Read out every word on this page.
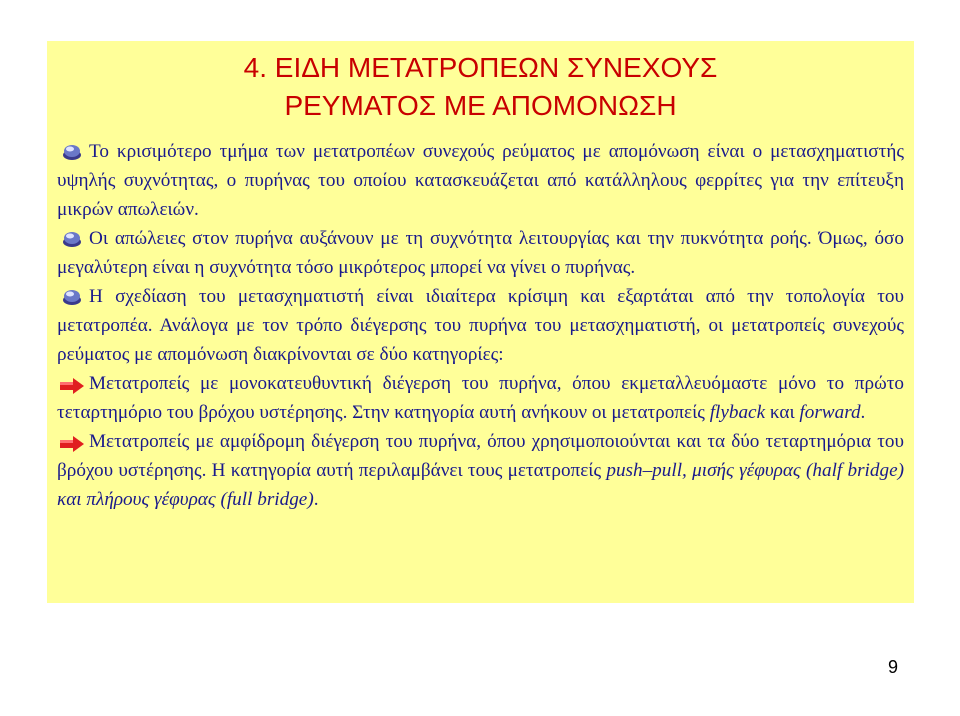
4. ΕΙΔΗ ΜΕΤΑΤΡΟΠΕΩΝ ΣΥΝΕΧΟΥΣ
ΡΕΥΜΑΤΟΣ ΜΕ ΑΠΟΜΟΝΩΣΗ

Το κρισιμότερο τμήμα των μετατροπέων συνεχούς ρεύματος με απομόνωση είναι ο μετασχηματιστής υψηλής συχνότητας, ο πυρήνας του οποίου κατασκευάζεται από κατάλληλους φερρίτες για την επίτευξη μικρών απωλειών.

Οι απώλειες στον πυρήνα αυξάνουν με τη συχνότητα λειτουργίας και την πυκνότητα ροής. Όμως, όσο μεγαλύτερη είναι η συχνότητα τόσο μικρότερος μπορεί να γίνει ο πυρήνας.

Η σχεδίαση του μετασχηματιστή είναι ιδιαίτερα κρίσιμη και εξαρτάται από την τοπολογία του μετατροπέα. Ανάλογα με τον τρόπο διέγερσης του πυρήνα του μετασχηματιστή, οι μετατροπείς συνεχούς ρεύματος με απομόνωση διακρίνονται σε δύο κατηγορίες:

Μετατροπείς με μονοκατευθυντική διέγερση του πυρήνα, όπου εκμεταλλευόμαστε μόνο το πρώτο τεταρτημόριο του βρόχου υστέρησης. Στην κατηγορία αυτή ανήκουν οι μετατροπείς flyback και forward.

Μετατροπείς με αμφίδρομη διέγερση του πυρήνα, όπου χρησιμοποιούνται και τα δύο τεταρτημόρια του βρόχου υστέρησης. Η κατηγορία αυτή περιλαμβάνει τους μετατροπείς push–pull, μισής γέφυρας (half bridge) και πλήρους γέφυρας (full bridge).

9
